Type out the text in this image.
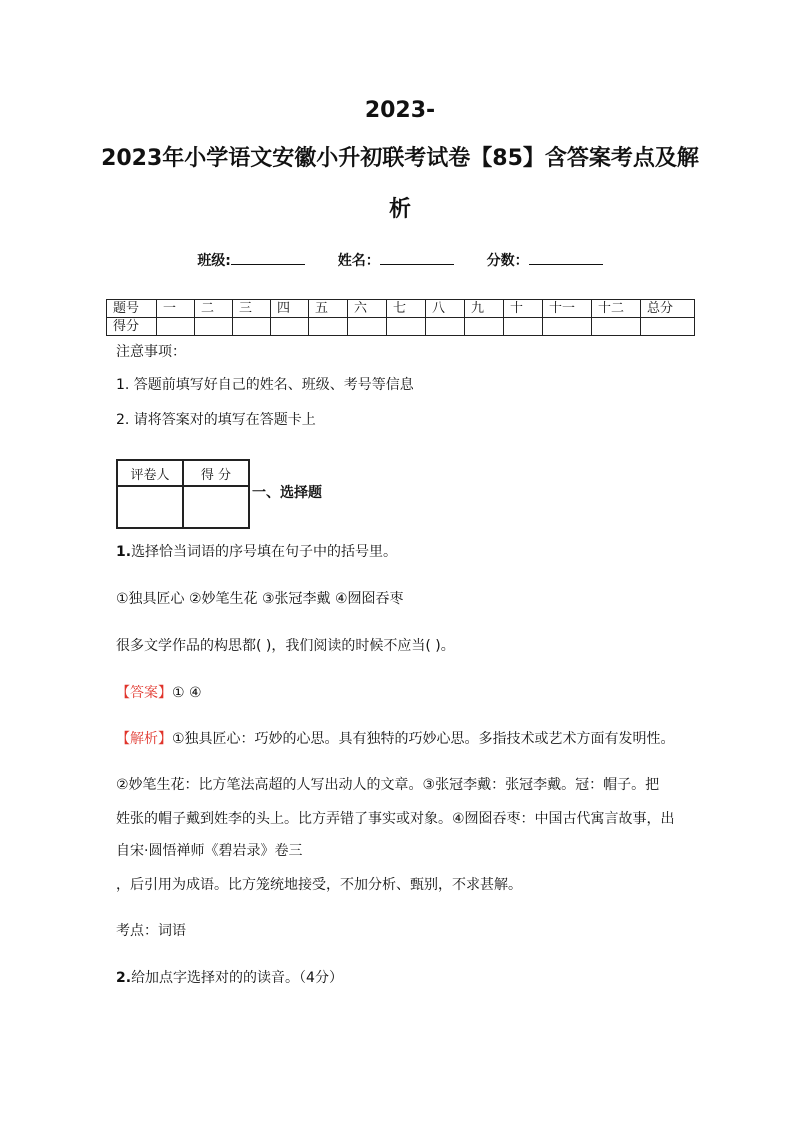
2023-
2023年小学语文安徽小升初联考试卷【85】含答案考点及解
析
班级:	姓名：	分数：
题号	一	二	三	四	五	六	七	八	九	十	十一	十二	总分
得分													
注意事项：
1. 答题前填写好自己的姓名、班级、考号等信息
2. 请将答案对的填写在答题卡上
评卷人	得 分

一、选择题
1.选择恰当词语的序号填在句子中的括号里。
①独具匠心 ②妙笔生花 ③张冠李戴 ④囫囵吞枣
很多文学作品的构思都( )，我们阅读的时候不应当( )。
【答案】① ④
【解析】①独具匠心：巧妙的心思。具有独特的巧妙心思。多指技术或艺术方面有发明性。
②妙笔生花：比方笔法高超的人写出动人的文章。③张冠李戴：张冠李戴。冠：帽子。把
姓张的帽子戴到姓李的头上。比方弄错了事实或对象。④囫囵吞枣：中国古代寓言故事，出
自宋·圆悟禅师《碧岩录》卷三
，后引用为成语。比方笼统地接受，不加分析、甄别，不求甚解。
考点：词语
2.给加点字选择对的的读音。（4分）
